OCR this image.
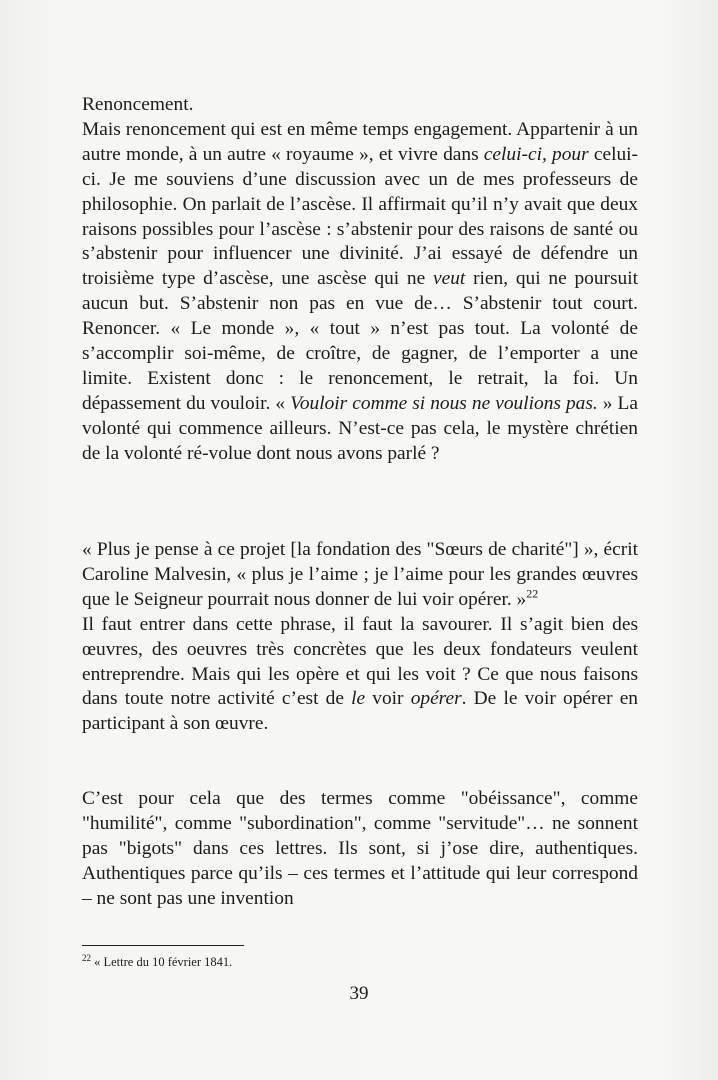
Renoncement.
Mais renoncement qui est en même temps engagement. Appartenir à un autre monde, à un autre « royaume », et vivre dans celui-ci, pour celui-ci. Je me souviens d’une discussion avec un de mes professeurs de philosophie. On parlait de l’ascèse. Il affirmait qu’il n’y avait que deux raisons possibles pour l’ascèse : s’abstenir pour des raisons de santé ou s’abstenir pour influencer une divinité. J’ai essayé de défendre un troisième type d’ascèse, une ascèse qui ne veut rien, qui ne poursuit aucun but. S’abstenir non pas en vue de… S’abstenir tout court. Renoncer. « Le monde », « tout » n’est pas tout. La volonté de s’accomplir soi-même, de croître, de gagner, de l’emporter a une limite. Existent donc : le renoncement, le retrait, la foi. Un dépassement du vouloir. « Vouloir comme si nous ne voulions pas. » La volonté qui commence ailleurs. N’est-ce pas cela, le mystère chrétien de la volonté ré-volue dont nous avons parlé ?

« Plus je pense à ce projet [la fondation des "Sœurs de charité"] », écrit Caroline Malvesin, « plus je l’aime ; je l’aime pour les grandes œuvres que le Seigneur pourrait nous donner de lui voir opérer. »$^{22}$

Il faut entrer dans cette phrase, il faut la savourer. Il s’agit bien des œuvres, des oeuvres très concrètes que les deux fondateurs veulent entreprendre. Mais qui les opère et qui les voit ? Ce que nous faisons dans toute notre activité c’est de le voir opérer. De le voir opérer en participant à son œuvre.

C’est pour cela que des termes comme "obéissance", comme "humilité", comme "subordination", comme "servitude"… ne sonnent pas "bigots" dans ces lettres. Ils sont, si j’ose dire, authentiques. Authentiques parce qu’ils – ces termes et l’attitude qui leur correspond – ne sont pas une invention

$^{22}$ « Lettre du 10 février 1841.
39
